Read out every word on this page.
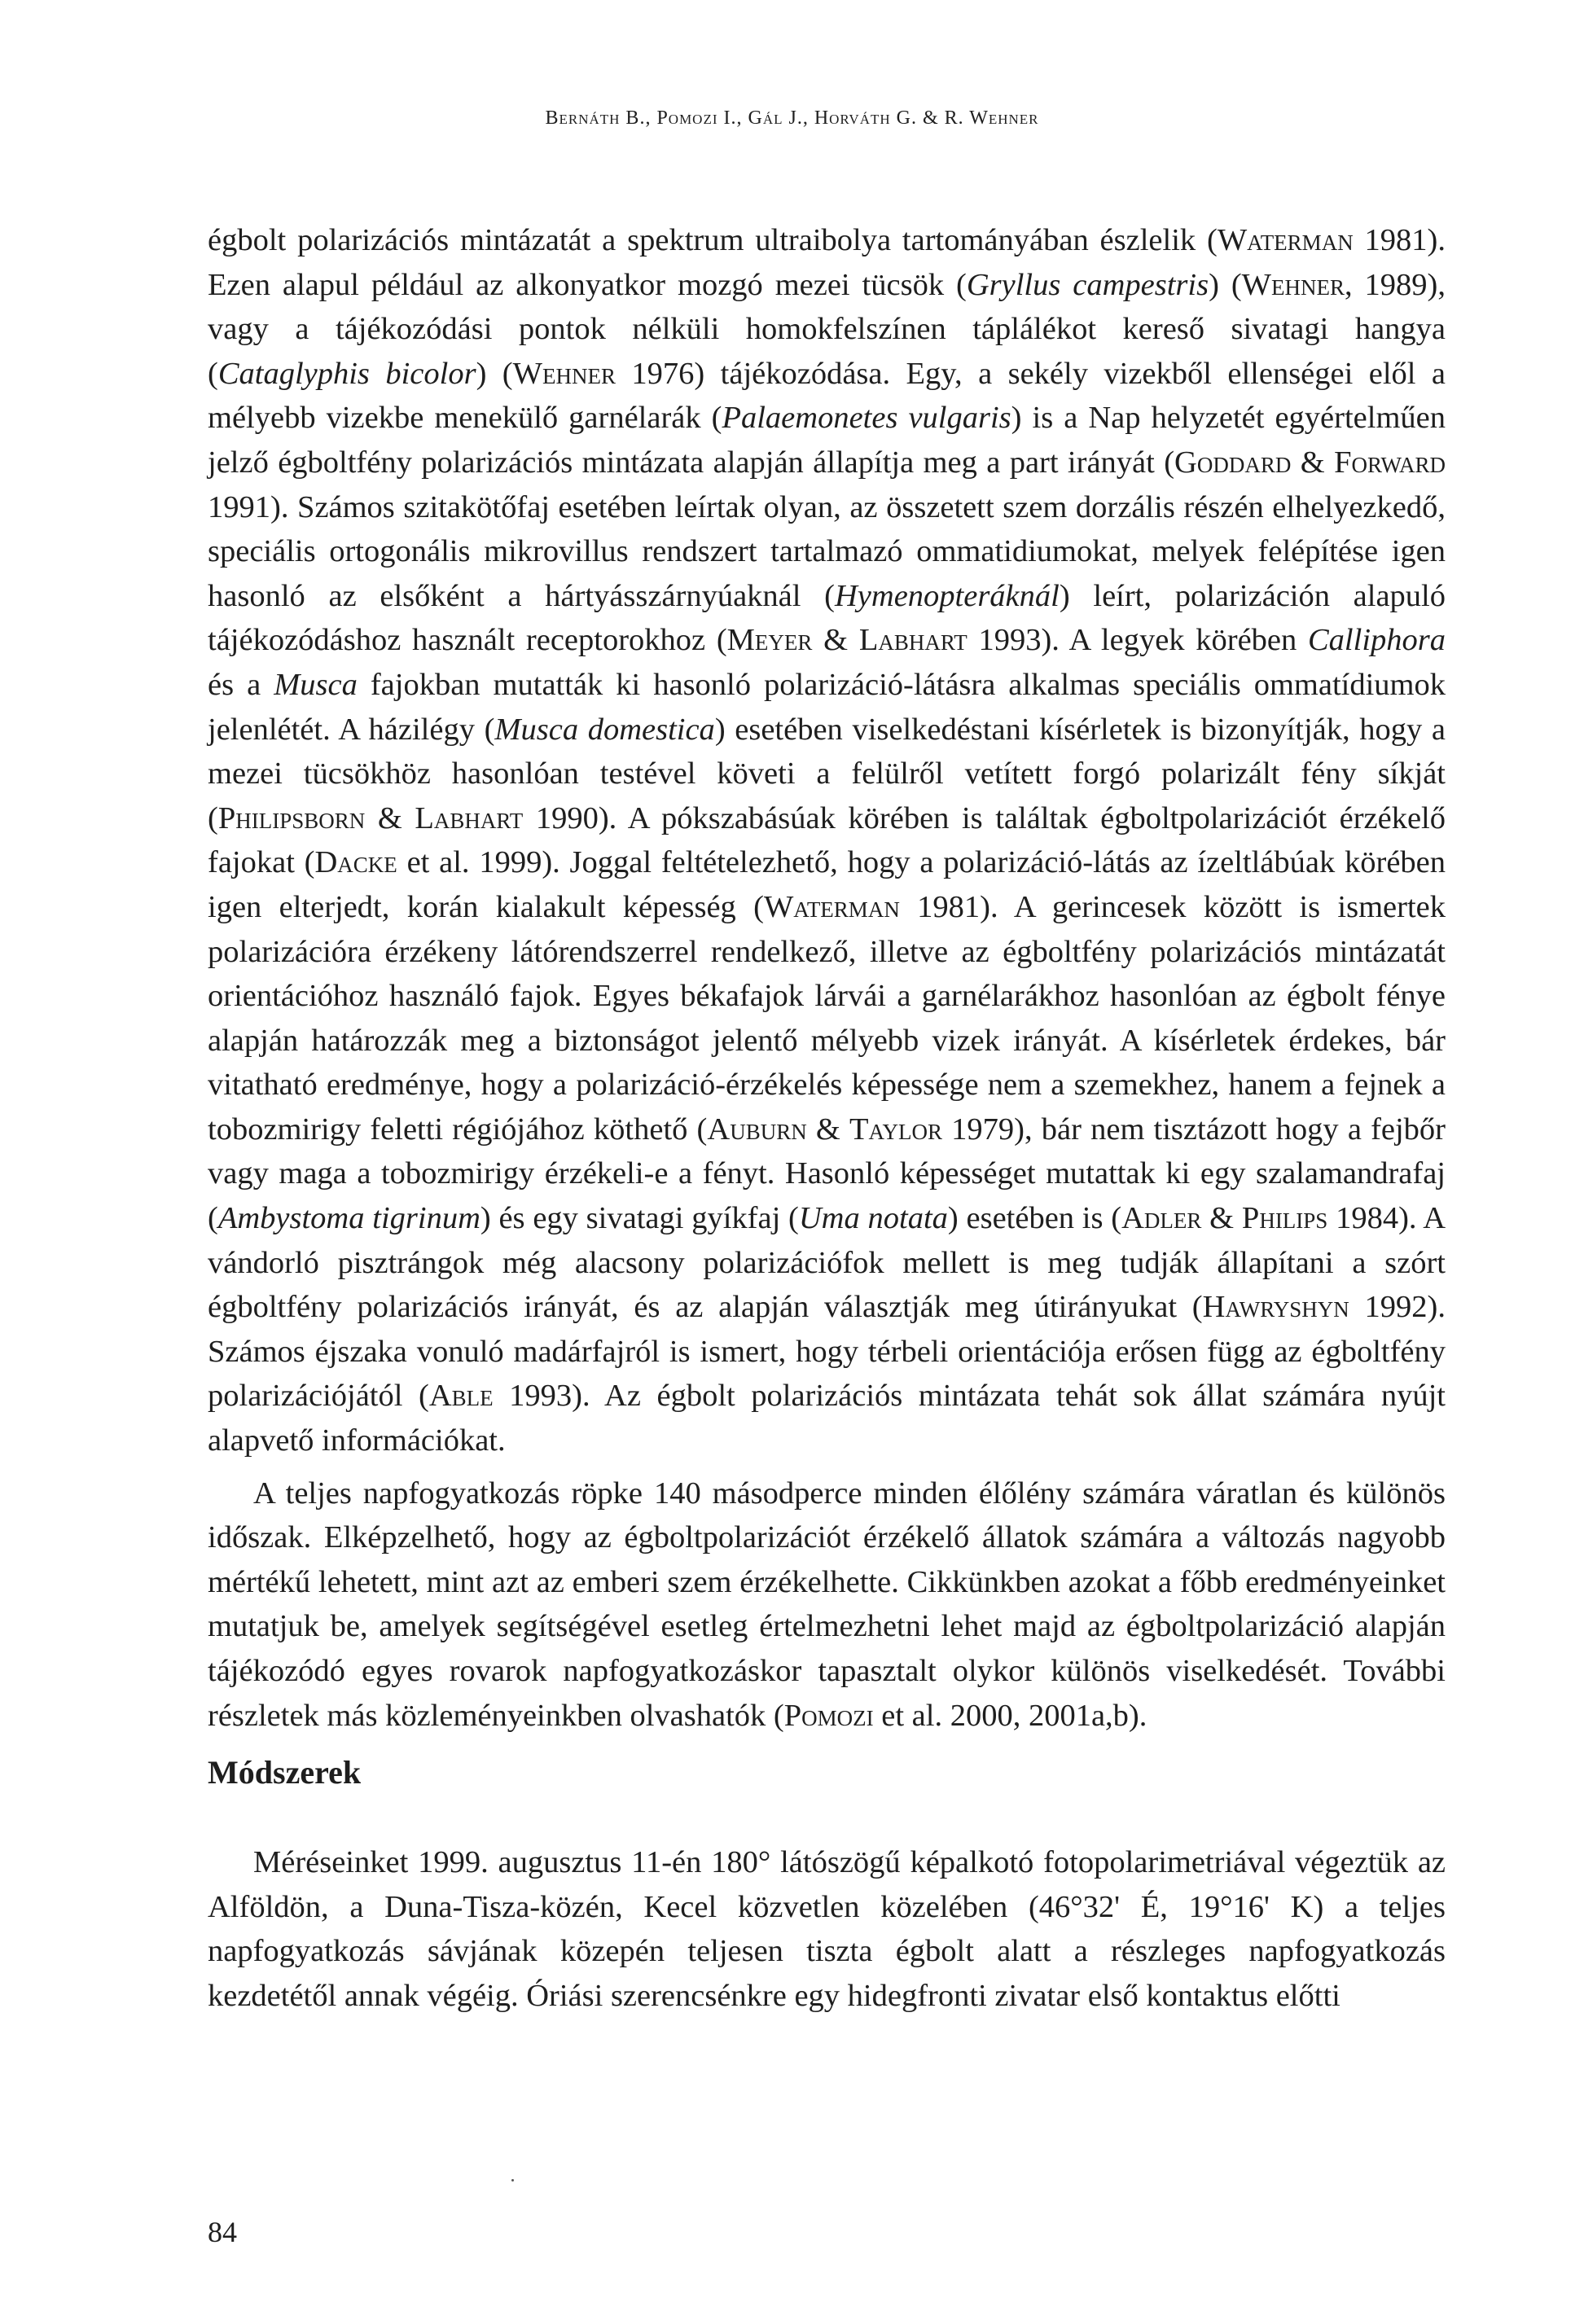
Bernáth B., Pomozi I., Gál J., Horváth G. & R. Wehner

égbolt polarizációs mintázatát a spektrum ultraibolya tartományában észlelik (Waterman 1981). Ezen alapul például az alkonyatkor mozgó mezei tücsök (Gryllus campestris) (Wehner, 1989), vagy a tájékozódási pontok nélküli homokfelszínen táplálékot kereső sivatagi hangya (Cataglyphis bicolor) (Wehner 1976) tájékozódása. Egy, a sekély vizekből ellenségei elől a mélyebb vizekbe menekülő garnélarák (Palaemonetes vulgaris) is a Nap helyzetét egyértelműen jelző égboltfény polarizációs mintázata alapján állapítja meg a part irányát (Goddard & Forward 1991). Számos szitakötőfaj esetében leírtak olyan, az összetett szem dorzális részén elhelyezkedő, speciális ortogonális mikrovillus rendszert tartalmazó ommatidiumokat, melyek felépítése igen hasonló az elsőként a hártyásszárnyúaknál (Hymenopteráknál) leírt, polarizáción alapuló tájékozódáshoz használt receptorokhoz (Meyer & Labhart 1993). A legyek körében Calliphora és a Musca fajokban mutatták ki hasonló polarizáció-látásra alkalmas speciális ommatídiumok jelenlétét. A házilégy (Musca domestica) esetében viselkedéstani kísérletek is bizonyítják, hogy a mezei tücsökhöz hasonlóan testével követi a felülről vetített forgó polarizált fény síkját (Philipsborn & Labhart 1990). A pókszabásúak körében is találtak égboltpolarizációt érzékelő fajokat (Dacke et al. 1999). Joggal feltételezhető, hogy a polarizáció-látás az ízeltlábúak körében igen elterjedt, korán kialakult képesség (Waterman 1981). A gerincesek között is ismertek polarizációra érzékeny látórendszerrel rendelkező, illetve az égboltfény polarizációs mintázatát orientációhoz használó fajok. Egyes békafajok lárvái a garnélarákhoz hasonlóan az égbolt fénye alapján határozzák meg a biztonságot jelentő mélyebb vizek irányát. A kísérletek érdekes, bár vitatható eredménye, hogy a polarizáció-érzékelés képessége nem a szemekhez, hanem a fejnek a tobozmirigy feletti régiójához köthető (Auburn & Taylor 1979), bár nem tisztázott hogy a fejbőr vagy maga a tobozmirigy érzékeli-e a fényt. Hasonló képességet mutattak ki egy szalamandrafaj (Ambystoma tigrinum) és egy sivatagi gyíkfaj (Uma notata) esetében is (Adler & Philips 1984). A vándorló pisztrángok még alacsony polarizációfok mellett is meg tudják állapítani a szórt égboltfény polarizációs irányát, és az alapján választják meg útirányukat (Hawryshyn 1992). Számos éjszaka vonuló madárfajról is ismert, hogy térbeli orientációja erősen függ az égboltfény polarizációjától (Able 1993). Az égbolt polarizációs mintázata tehát sok állat számára nyújt alapvető információkat.

A teljes napfogyatkozás röpke 140 másodperce minden élőlény számára váratlan és különös időszak. Elképzelhető, hogy az égboltpolarizációt érzékelő állatok számára a változás nagyobb mértékű lehetett, mint azt az emberi szem érzékelhette. Cikkünkben azokat a főbb eredményeinket mutatjuk be, amelyek segítségével esetleg értelmezhetni lehet majd az égboltpolarizáció alapján tájékozódó egyes rovarok napfogyatkozáskor tapasztalt olykor különös viselkedését. További részletek más közleményeinkben olvashatók (Pomozi et al. 2000, 2001a,b).

Módszerek
Méréseinket 1999. augusztus 11-én 180° látószögű képalkotó fotopolarimetriával végeztük az Alföldön, a Duna-Tisza-közén, Kecel közvetlen közelében (46°32' É, 19°16' K) a teljes napfogyatkozás sávjának közepén teljesen tiszta égbolt alatt a részleges napfogyatkozás kezdetétől annak végéig. Óriási szerencsénkre egy hidegfronti zivatar első kontaktus előtti
84
